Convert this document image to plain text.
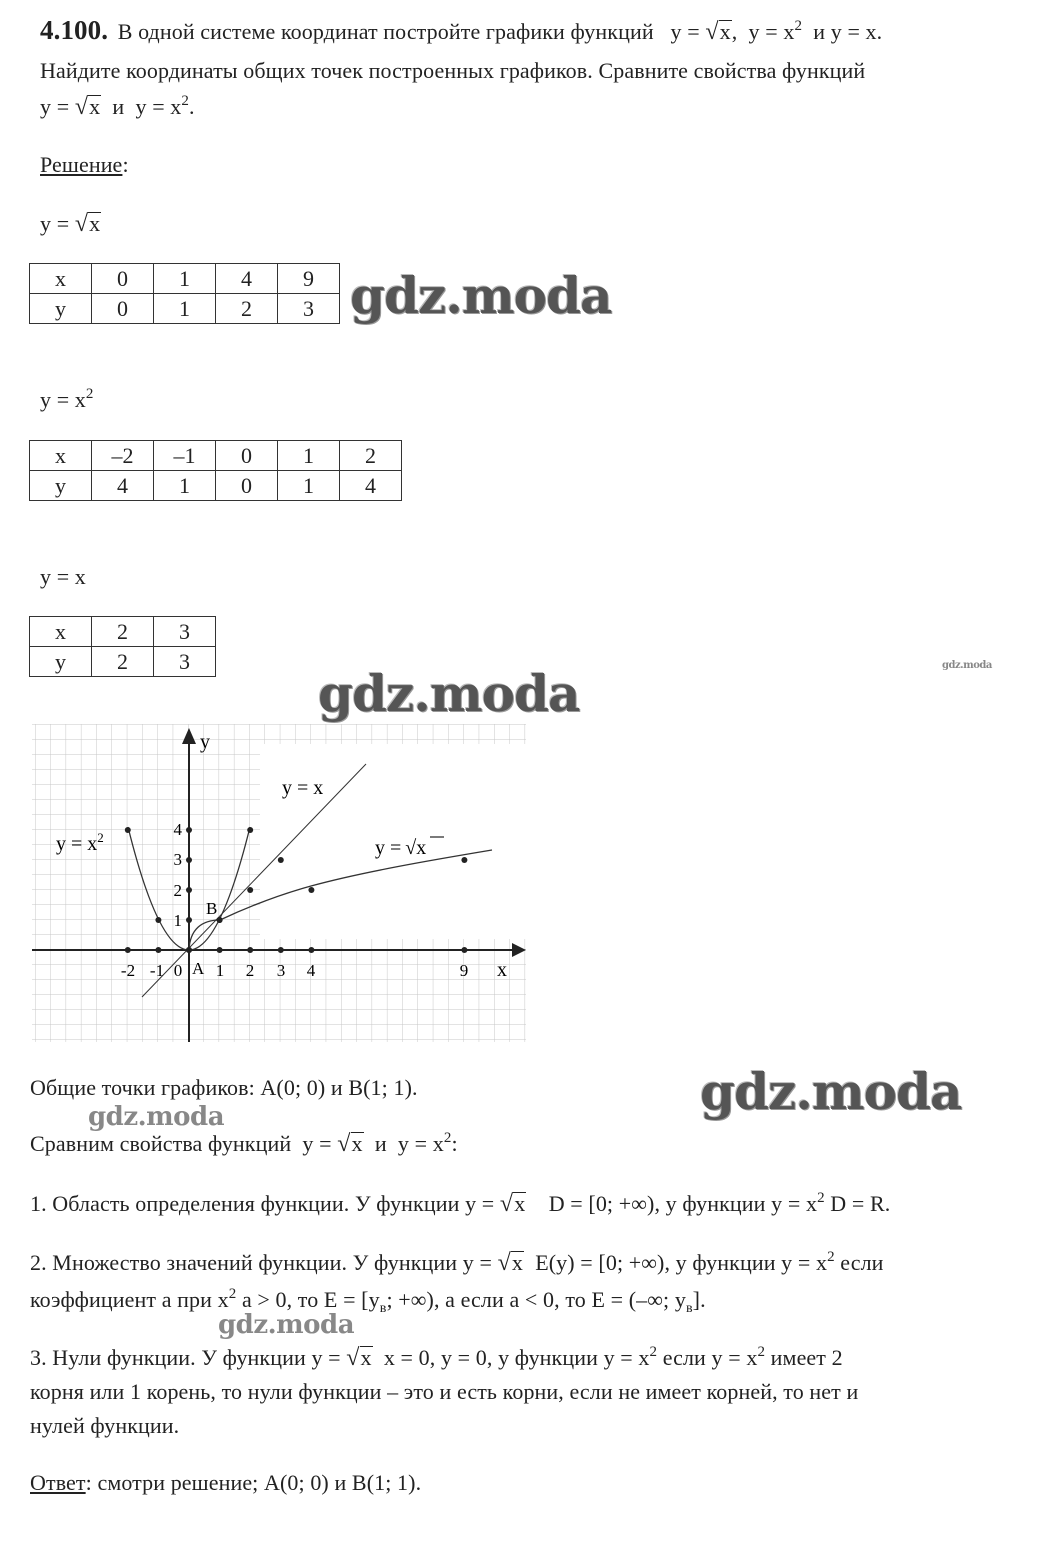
4.100. В одной системе координат постройте графики функций y = √x,  $y = x^2$ и y = x.
Найдите координаты общих точек построенных графиков. Сравните свойства функций
y = √x и $y = x^2$.
Решение:
y = √x
x	0	1	4	9
y	0	1	2	3 gdz.moda
$y = x^2$
x	–2	–1	0	1	2
y	4	1	0	1	4
y = x
x	2	3
y	2	3	gdz.moda
gdz.moda
y
x
y = x
$y = x^2$	y = √x
A
B
-2 -1 0 1 2 3 4	9
1
2
3
4
Общие точки графиков: A(0; 0) и B(1; 1).	gdz.moda
gdz.moda
Сравним свойства функций y = √x и $y = x^2$:
1. Область определения функции. У функции y = √x D = [0; +∞), у функции $y = x^2$ D = R.
2. Множество значений функции. У функции y = √x E(y) = [0; +∞), у функции $y = x^2$ если
коэффициент a при $x^2$ a > 0, то $E = [y_в$; +∞), а если a < 0, то E = (–∞; $y_в$].
gdz.moda
3. Нули функции. У функции y = √x x = 0, y = 0, у функции $y = x^2$ если $y = x^2$ имеет 2
корня или 1 корень, то нули функции – это и есть корни, если не имеет корней, то нет и
нулей функции.
Ответ: смотри решение; A(0; 0) и B(1; 1).
